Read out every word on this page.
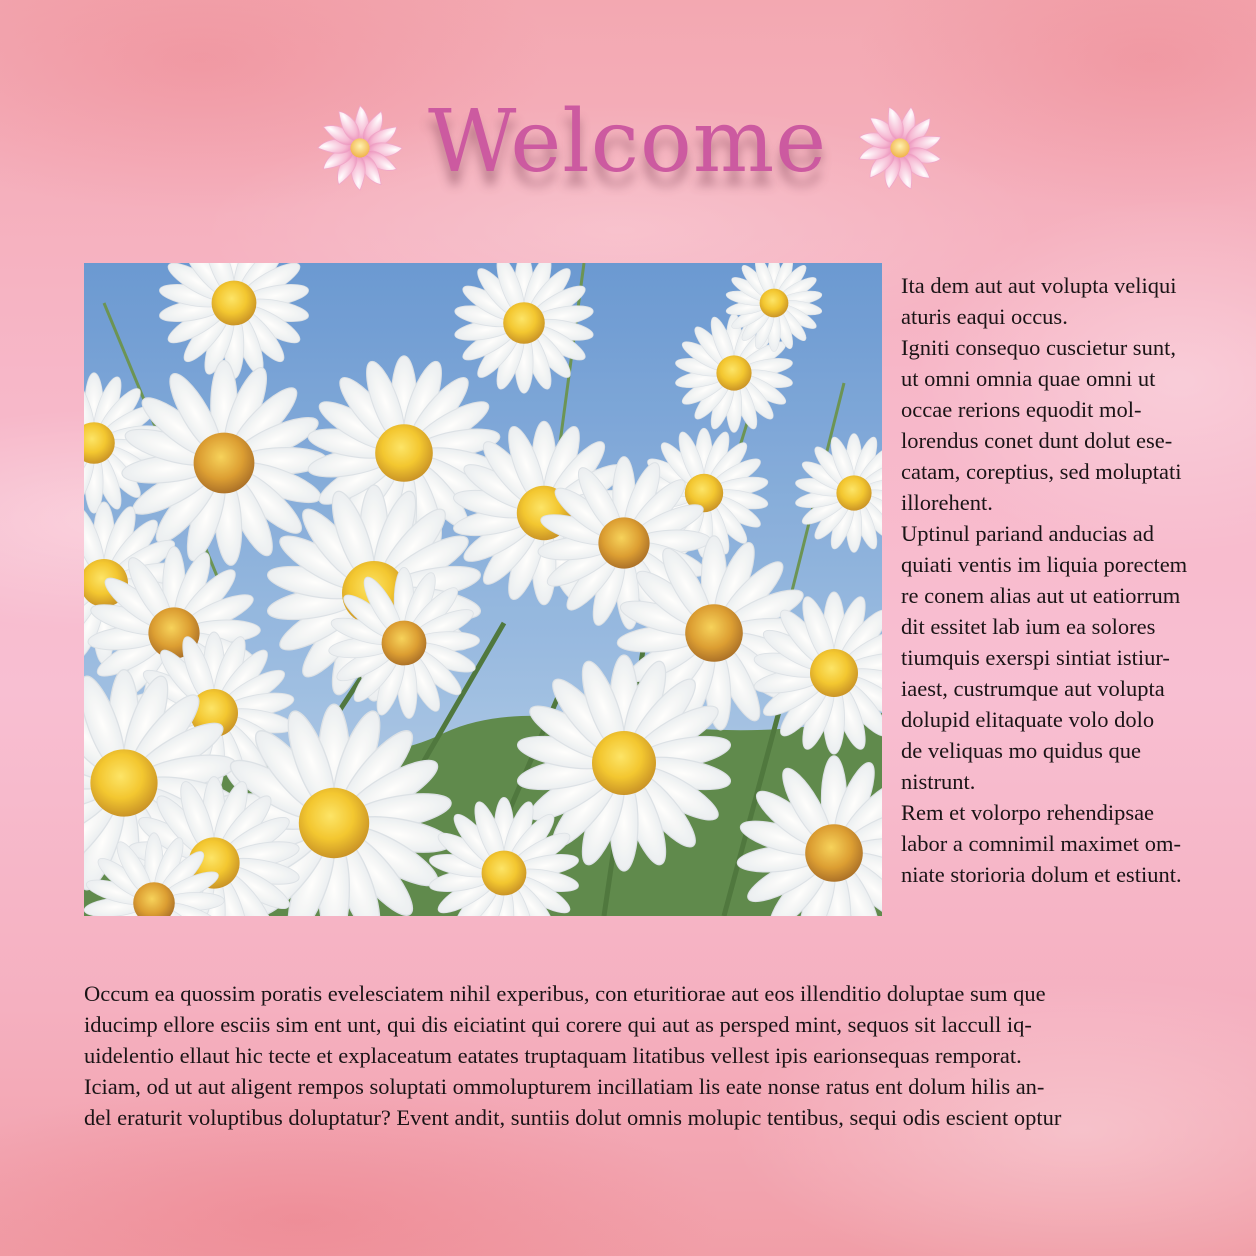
Welcome

Ita dem aut aut volupta veliqui
aturis eaqui occus.

Igniti consequo cuscietur sunt,
ut omni omnia quae omni ut
occae rerions equodit mol-
lorendus conet dunt dolut ese-
catam, coreptius, sed moluptati
illorehent.

Uptinul pariand anducias ad
quiati ventis im liquia porectem
re conem alias aut ut eatiorrum
dit essitet lab ium ea solores
tiumquis exerspi sintiat istiur-
iaest, custrumque aut volupta
dolupid elitaquate volo dolo
de veliquas mo quidus que
nistrunt.

Rem et volorpo rehendipsae
labor a comnimil maximet om-
niate storioria dolum et estiunt.

Occum ea quossim poratis evelesciatem nihil experibus, con eturitiorae aut eos illenditio doluptae sum que
iducimp ellore esciis sim ent unt, qui dis eiciatint qui corere qui aut as persped mint, sequos sit laccull iq-
uidelentio ellaut hic tecte et explaceatum eatates truptaquam litatibus vellest ipis earionsequas remporat.
Iciam, od ut aut aligent rempos soluptati ommolupturem incillatiam lis eate nonse ratus ent dolum hilis an-
del eraturit voluptibus doluptatur? Event andit, suntiis dolut omnis molupic tentibus, sequi odis escient optur
